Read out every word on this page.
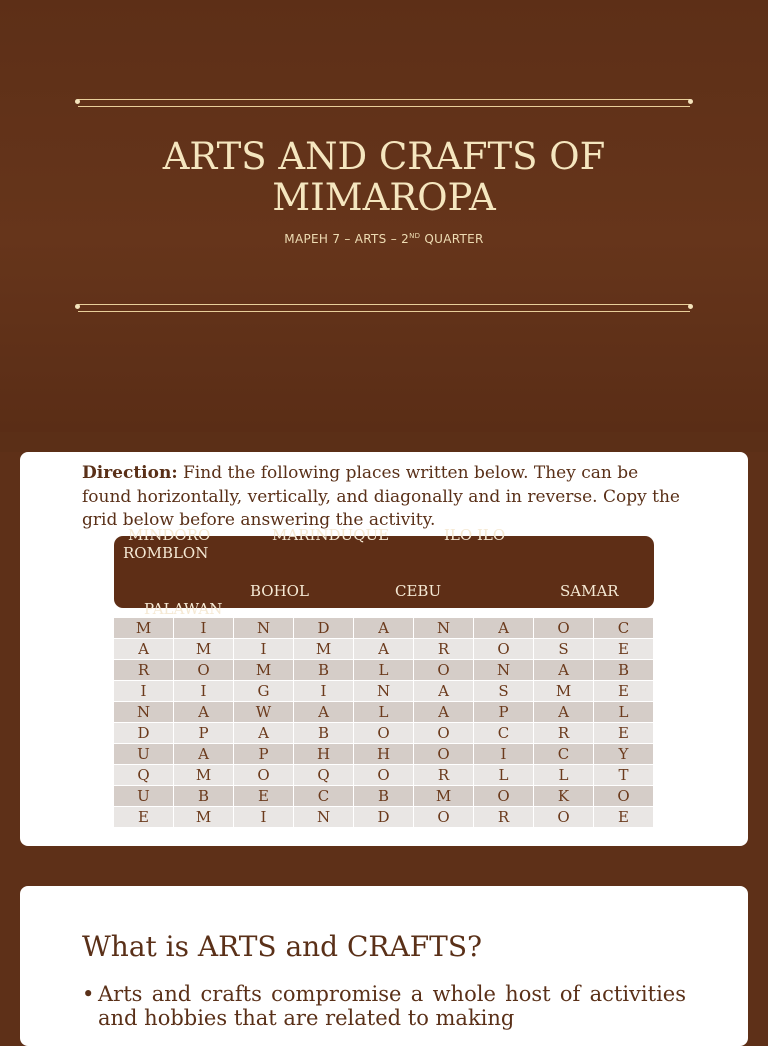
ARTS AND CRAFTS OF
MIMAROPA
MAPEH 7 – ARTS – 2ND QUARTER
Direction: Find the following places written below. They can be found horizontally, vertically, and diagonally and in reverse. Copy the grid below before answering the activity.
MINDORO	MARINDUQUE	ILO ILO
ROMBLON
BOHOL	CEBU	SAMAR
PALAWAN
M	I	N	D	A	N	A	O	C
A	M	I	M	A	R	O	S	E
R	O	M	B	L	O	N	A	B
I	I	G	I	N	A	S	M	E
N	A	W	A	L	A	P	A	L
D	P	A	B	O	O	C	R	E
U	A	P	H	H	O	I	C	Y
Q	M	O	Q	O	R	L	L	T
U	B	E	C	B	M	O	K	O
E	M	I	N	D	O	R	O	E
What is ARTS and CRAFTS?
• Arts and crafts compromise a whole host of activities and hobbies that are related to making
